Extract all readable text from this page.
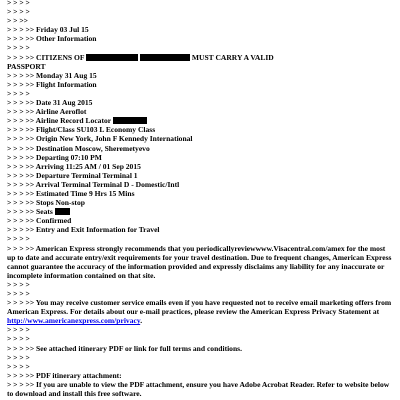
> > > >
> > > >
> > >>
> > > >> Friday 03 Jul 15
> > > >> Other Information
> > > >
> > > >> CITIZENS OF	MUST CARRY A VALID
PASSPORT
> > > >> Monday 31 Aug 15
> > > >> Flight Information
> > > >
> > > >> Date 31 Aug 2015
> > > >> Airline Aeroflot
> > > >> Airline Record Locator
> > > >> Flight/Class SU103 L Economy Class
> > > >> Origin New York, John F Kennedy International
> > > >> Destination Moscow, Sheremetyevo
> > > >> Departing 07:10 PM
> > > >> Arriving 11:25 AM / 01 Sep 2015
> > > >> Departure Terminal Terminal 1
> > > >> Arrival Terminal Terminal D - Domestic/Intl
> > > >> Estimated Time 9 Hrs 15 Mins
> > > >> Stops Non-stop
> > > >> Seats
> > > >> Confirmed
> > > >> Entry and Exit Information for Travel
> > > >
> > > >> American Express strongly recommends that you periodicallyreviewwww.Visacentral.com/amex for the most up to date and accurate entry/exit requirements for your travel destination. Due to frequent changes, American Express cannot guarantee the accuracy of the information provided and expressly disclaims any liability for any inaccurate or incomplete information contained on that site.
> > > >
> > > >
> > > >> You may receive customer service emails even if you have requested not to receive email marketing offers from American Express. For details about our e-mail practices, please review the American Express Privacy Statement at http://www.americanexpress.com/privacy.
> > > >
> > > >
> > > >> See attached itinerary PDF or link for full terms and conditions.
> > > >
> > > >
> > > >> PDF itinerary attachment:
> > > >> If you are unable to view the PDF attachment, ensure you have Adobe Acrobat Reader. Refer to website below to download and install this free software.
